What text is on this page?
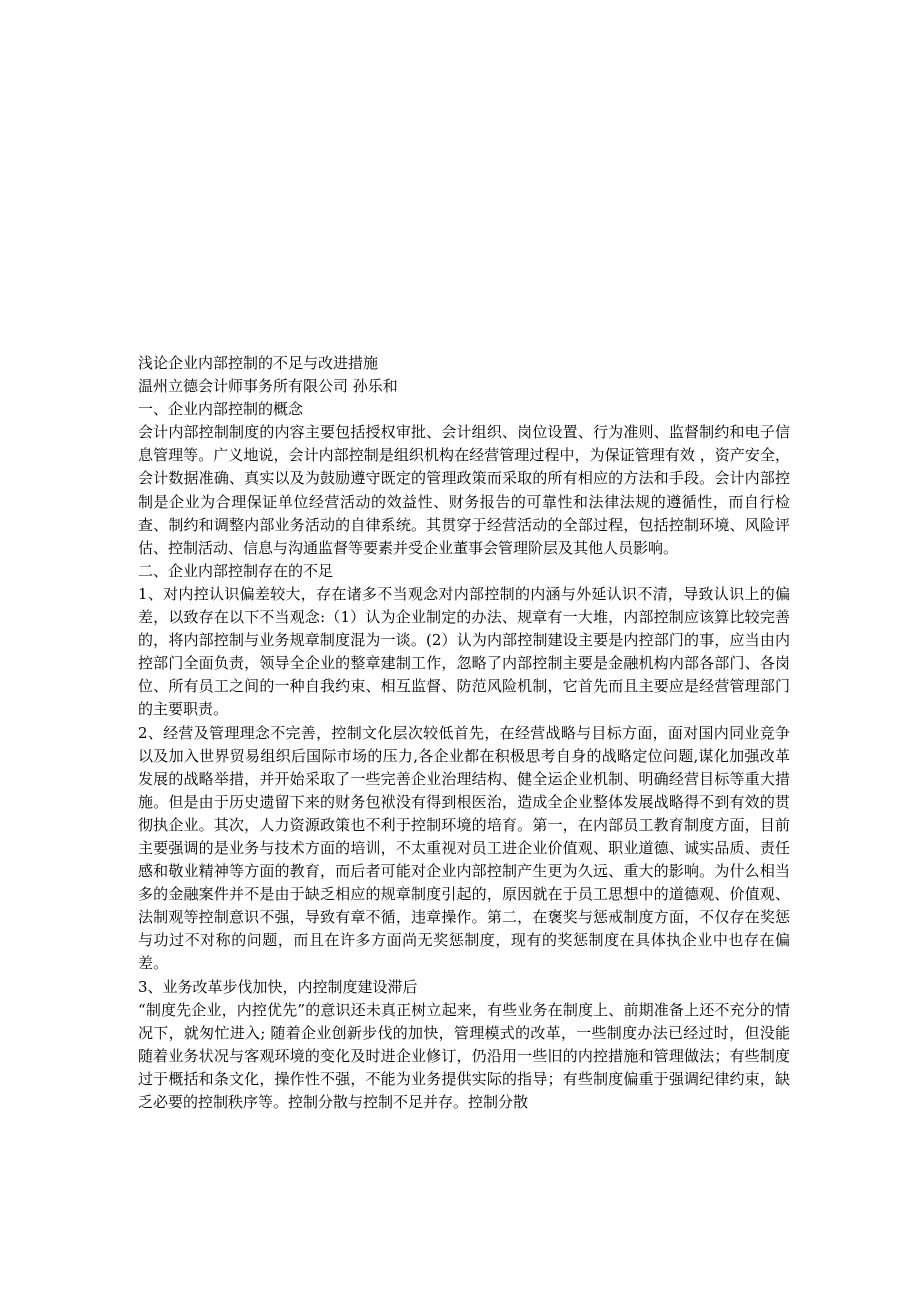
浅论企业内部控制的不足与改进措施

温州立德会计师事务所有限公司 孙乐和

一、企业内部控制的概念

会计内部控制制度的内容主要包括授权审批、会计组织、岗位设置、行为准则、监督制约和电子信息管理等。广义地说，会计内部控制是组织机构在经营管理过程中，为保证管理有效 ，资产安全，会计数据准确、真实以及为鼓励遵守既定的管理政策而采取的所有相应的方法和手段。会计内部控制是企业为合理保证单位经营活动的效益性、财务报告的可靠性和法律法规的遵循性，而自行检查、制约和调整内部业务活动的自律系统。其贯穿于经营活动的全部过程，包括控制环境、风险评估、控制活动、信息与沟通监督等要素并受企业董事会管理阶层及其他人员影响。

二、企业内部控制存在的不足

1、对内控认识偏差较大，存在诸多不当观念对内部控制的内涵与外延认识不清，导致认识上的偏差，以致存在以下不当观念:（1）认为企业制定的办法、规章有一大堆，内部控制应该算比较完善的，将内部控制与业务规章制度混为一谈。(2）认为内部控制建设主要是内控部门的事，应当由内控部门全面负责，领导全企业的整章建制工作，忽略了内部控制主要是金融机构内部各部门、各岗位、所有员工之间的一种自我约束、相互监督、防范风险机制，它首先而且主要应是经营管理部门的主要职责。

2、经营及管理理念不完善，控制文化层次较低首先，在经营战略与目标方面，面对国内同业竞争以及加入世界贸易组织后国际市场的压力,各企业都在积极思考自身的战略定位问题,谋化加强改革发展的战略举措，并开始采取了一些完善企业治理结构、健全运企业机制、明确经营目标等重大措施。但是由于历史遗留下来的财务包袱没有得到根医治，造成全企业整体发展战略得不到有效的贯彻执企业。其次，人力资源政策也不利于控制环境的培育。第一，在内部员工教育制度方面，目前主要强调的是业务与技术方面的培训，不太重视对员工进企业价值观、职业道德、诚实品质、责任感和敬业精神等方面的教育，而后者可能对企业内部控制产生更为久远、重大的影响。为什么相当多的金融案件并不是由于缺乏相应的规章制度引起的，原因就在于员工思想中的道德观、价值观、法制观等控制意识不强，导致有章不循，违章操作。第二，在褒奖与惩戒制度方面，不仅存在奖惩与功过不对称的问题，而且在许多方面尚无奖惩制度，现有的奖惩制度在具体执企业中也存在偏差。

3、业务改革步伐加快，内控制度建设滞后

“制度先企业，内控优先”的意识还未真正树立起来，有些业务在制度上、前期准备上还不充分的情况下，就匆忙进入; 随着企业创新步伐的加快，管理模式的改革，一些制度办法已经过时，但没能随着业务状况与客观环境的变化及时进企业修订，仍沿用一些旧的内控措施和管理做法；有些制度过于概括和条文化，操作性不强，不能为业务提供实际的指导；有些制度偏重于强调纪律约束，缺乏必要的控制秩序等。控制分散与控制不足并存。控制分散
